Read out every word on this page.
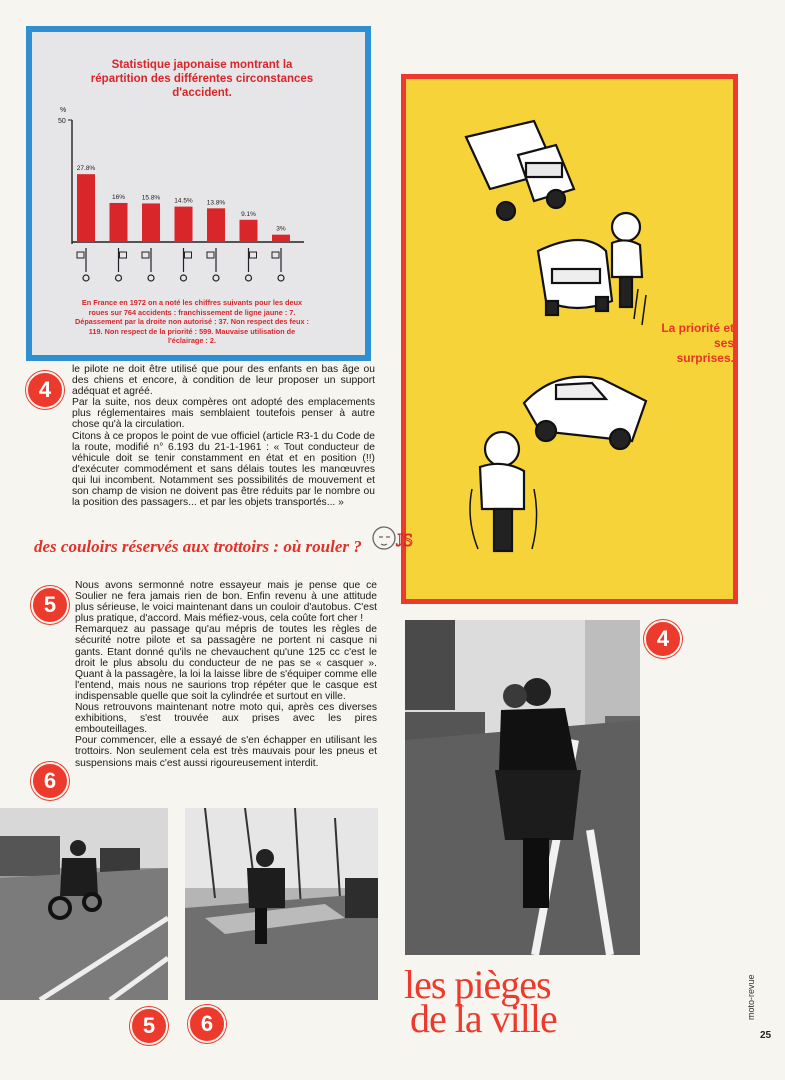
Statistique japonaise montrant la répartition des différentes circonstances d'accident.
50
%
27.8%
16%	15.8% 14.5% 13.8%
9.1%
3%
En France en 1972 on a noté les chiffres suivants pour les deux roues sur 764 accidents : franchissement de ligne jaune : 7. Dépassement par la droite non autorisé : 37. Non respect des feux : 119. Non respect de la priorité : 599. Mauvaise utilisation de l'éclairage : 2.
La priorité et ses surprises.
4
5
6
4
5	6

le pilote ne doit être utilisé que pour des enfants en bas âge ou des chiens et encore, à condition de leur proposer un support adéquat et agréé.

Par la suite, nos deux compères ont adopté des emplacements plus réglementaires mais semblaient toutefois penser à autre chose qu'à la circulation.

Citons à ce propos le point de vue officiel (article R3-1 du Code de la route, modifié n° 6.193 du 21-1-1961 : « Tout conducteur de véhicule doit se tenir constamment en état et en position (!!) d'exécuter commodément et sans délais toutes les manœuvres qui lui incombent. Notamment ses possibilités de mouvement et son champ de vision ne doivent pas être réduits par le nombre ou la position des passagers... et par les objets transportés... »

des couloirs réservés aux trottoirs : où rouler ? JS

Nous avons sermonné notre essayeur mais je pense que ce Soulier ne fera jamais rien de bon. Enfin revenu à une attitude plus sérieuse, le voici maintenant dans un couloir d'autobus. C'est plus pratique, d'accord. Mais méfiez-vous, cela coûte fort cher !

Remarquez au passage qu'au mépris de toutes les règles de sécurité notre pilote et sa passagère ne portent ni casque ni gants. Etant donné qu'ils ne chevauchent qu'une 125 cc c'est le droit le plus absolu du conducteur de ne pas se « casquer ». Quant à la passagère, la loi la laisse libre de s'équiper comme elle l'entend, mais nous ne saurions trop répéter que le casque est indispensable quelle que soit la cylindrée et surtout en ville.

Nous retrouvons maintenant notre moto qui, après ces diverses exhibitions, s'est trouvée aux prises avec les pires embouteillages.

Pour commencer, elle a essayé de s'en échapper en utilisant les trottoirs. Non seulement cela est très mauvais pour les pneus et suspensions mais c'est aussi rigoureusement interdit.

les pièges
de la ville	moto-revue
25
